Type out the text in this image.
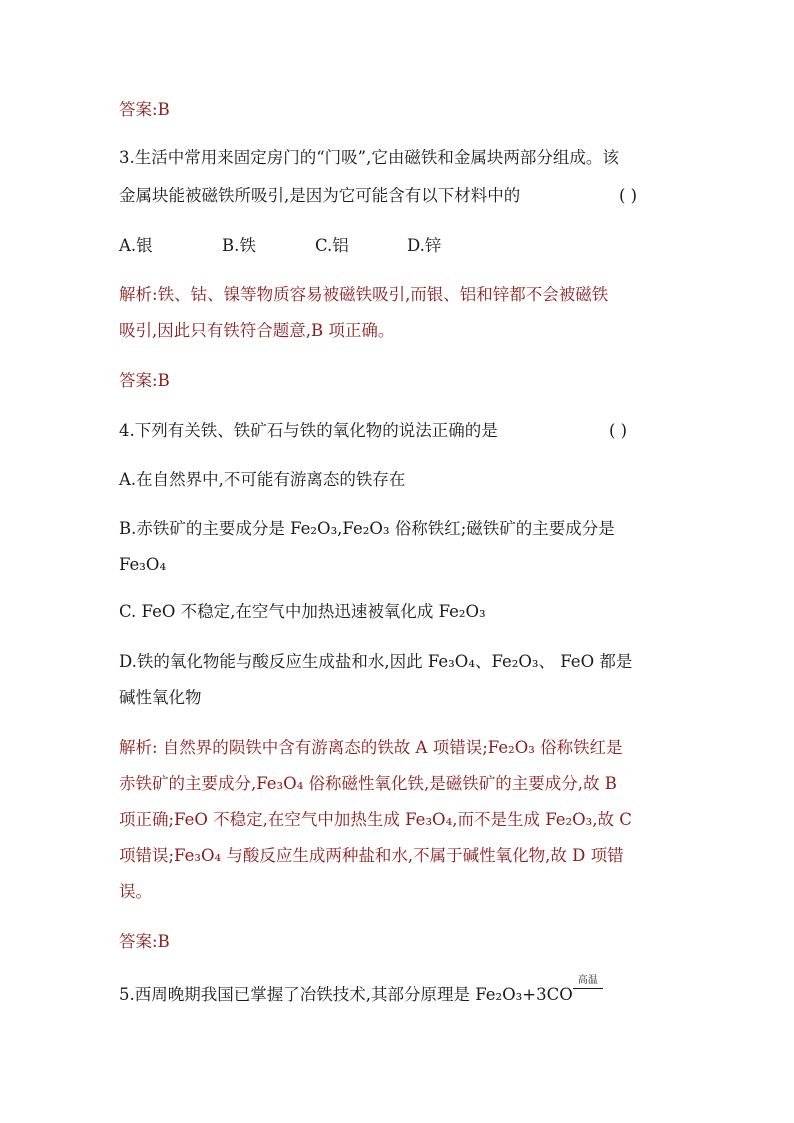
答案:B
3.生活中常用来固定房门的“门吸”,它由磁铁和金属块两部分组成。该
金属块能被磁铁所吸引,是因为它可能含有以下材料中的	( )
A.银	B.铁	C.铝	D.锌
解析:铁、钴、镍等物质容易被磁铁吸引,而银、铝和锌都不会被磁铁
吸引,因此只有铁符合题意,B 项正确。
答案:B
4.下列有关铁、铁矿石与铁的氧化物的说法正确的是	( )
A.在自然界中,不可能有游离态的铁存在
B.赤铁矿的主要成分是 Fe₂O₃,Fe₂O₃ 俗称铁红;磁铁矿的主要成分是
Fe₃O₄
C. FeO 不稳定,在空气中加热迅速被氧化成 Fe₂O₃
D.铁的氧化物能与酸反应生成盐和水,因此 Fe₃O₄、Fe₂O₃、 FeO 都是
碱性氧化物
解析: 自然界的陨铁中含有游离态的铁故 A 项错误;Fe₂O₃ 俗称铁红是
赤铁矿的主要成分,Fe₃O₄ 俗称磁性氧化铁,是磁铁矿的主要成分,故 B
项正确;FeO 不稳定,在空气中加热生成 Fe₃O₄,而不是生成 Fe₂O₃,故 C
项错误;Fe₃O₄ 与酸反应生成两种盐和水,不属于碱性氧化物,故 D 项错
误。
答案:B
5.西周晚期我国已掌握了冶铁技术,其部分原理是 Fe₂O₃+3CO
高温
